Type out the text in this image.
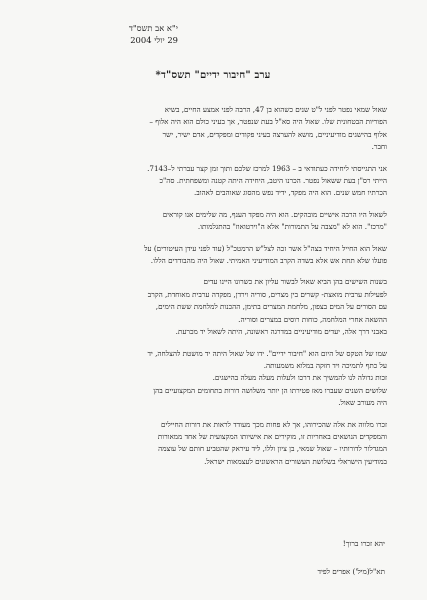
י"א אב תשס"ד
29 יולי 2004
ערב "חיבור ידיים" תשס"ד*
שאול שמאי נפטר לפני ל"ט שנים כשהוא בן 47, הרבה לפני אמצע החיים, בשיא
הפוריות הבטחונית שלו. שאול היה סא"ל בעת שנפטר, אך בעיני כולם הוא היה אלוף –
אלוף בהישגים מודיעיניים, מושא להערצה בעיני פקודים ומפקדים, אדם ישיר, ישר
וחבר.
אני התגייסתי ליחידה כעתודאי ב – 1963 למרכז שלכם ותוך זמן קצר עברתי ל–7143.
הייתי רס"ן בעת ששאול נפטר. הכרנו היטב, היחידה היתה קטנה ומשפחתית. סה"כ
הכרתיו חמש שנים. הוא היה מפקד, ידיד נפש מהסוג שאוהבים לאהוב.
לשאול היו הרבה אישיים מובהקים. הוא היה מפקד הענף, מה שלימים אנו קוראים
"מרכז". הוא לא "מצבה על התמורות" אלא ה"וירטואוז" בהתגלמותו.
שאול הוא החייל היחיד בצה"ל אשר זכה לצל"ש הרמטכ"ל (עוד לפני עידן העיטורים) על
פועלו שלא תחת אש אלא בשדה הקרב המודיעיני האמיתי. שאול היה מהבודדים הללו.
בשנות השישים בהן הביא שאול לבשור עליון את כשרונו היינו עדים
לפעילות ערבית מואצת- קשרים בין מצרים, סוריה וירדן, מפקדה ערבית מאוחדת, הקרב
עם הסורים על המים בצפון, מלחמת המצרים בתימן, ההכנות למלחמת ששת הימים,
ההשאה אחרי המלחמה, כוחות רוסים במצרים וסוריה.
באבני דרך אלה, יעדים מודיעיניים במדרגה ראשונה, היתה לשאול יד מכרעת.
שמו של הטקס של היום הוא "חיבור ידיים". ידו של שאול היתה יד מושטת להצלחה, יד
על כתף לתמיכה ויד חזקה במלוא משמעותה.
זכות גדולה לנו להמשיך את דרכו ולעלות מעלה מעלה בהישגים.
שלושים השנים שעברו מאז פטירתו הן יותר משלושה דורות בתחומים המקצועיים בהן
היה מעורב שאול.
זכרו מלווה את אלה שהכירוהו, אך לא פחות מכך מעודד לראות את דורות החיילים
והמפקדים הנושאים באחריות זו, מוקירים את אישיותו המקצועית של אחד ממאורות
המגדלור לדורותיו – שאול שמאי, בן ציון וללו, ליד עיראק שהטביע חותם של עוצמה
במודיעין הישראלי בשלושת העשורים הראשונים לעצמאות ישראל.
יהא זכרו ברוך!
תא"ל(מיל') אפרים לפיד
